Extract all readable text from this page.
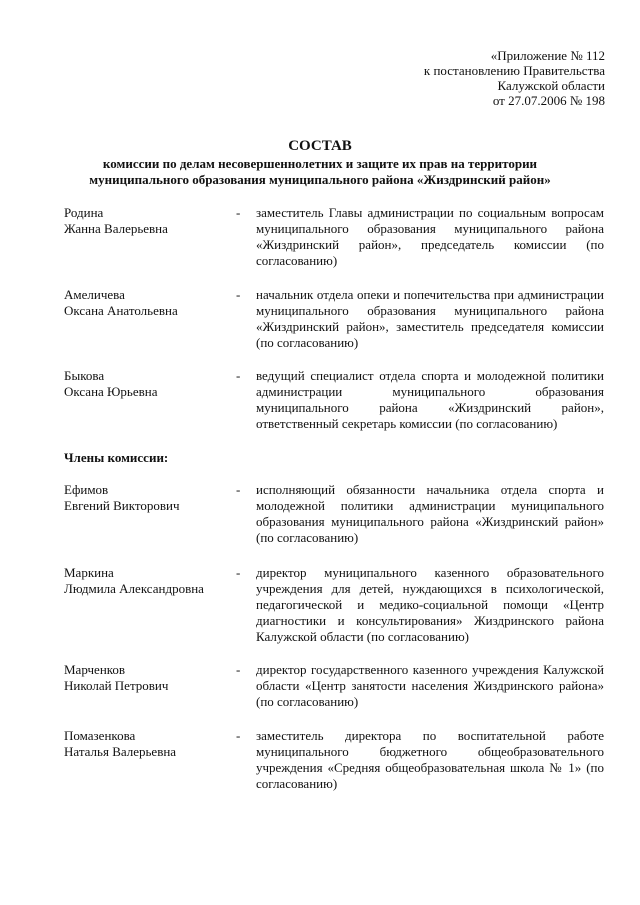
«Приложение № 112
к постановлению Правительства
Калужской области
от 27.07.2006 № 198
СОСТАВ
комиссии по делам несовершеннолетних и защите их прав на территории
муниципального образования муниципального района «Жиздринский район»
Родина
Жанна Валерьевна
- заместитель Главы администрации по социальным вопросам муниципального образования муниципального района «Жиздринский район», председатель комиссии (по согласованию)
Амеличева
Оксана Анатольевна
- начальник отдела опеки и попечительства при администрации муниципального образования муниципального района «Жиздринский район», заместитель председателя комиссии (по согласованию)
Быкова
Оксана Юрьевна
- ведущий специалист отдела спорта и молодежной политики администрации муниципального образования муниципального района «Жиздринский район», ответственный секретарь комиссии (по согласованию)
Члены комиссии:
Ефимов
Евгений Викторович
- исполняющий обязанности начальника отдела спорта и молодежной политики администрации муниципального образования муниципального района «Жиздринский район» (по согласованию)
Маркина
Людмила Александровна
- директор муниципального казенного образовательного учреждения для детей, нуждающихся в психологической, педагогической и медико-социальной помощи «Центр диагностики и консультирования» Жиздринского района Калужской области (по согласованию)
Марченков
Николай Петрович
- директор государственного казенного учреждения Калужской области «Центр занятости населения Жиздринского района» (по согласованию)
Помазенкова
Наталья Валерьевна
- заместитель директора по воспитательной работе муниципального бюджетного общеобразовательного учреждения «Средняя общеобразовательная школа № 1» (по согласованию)
